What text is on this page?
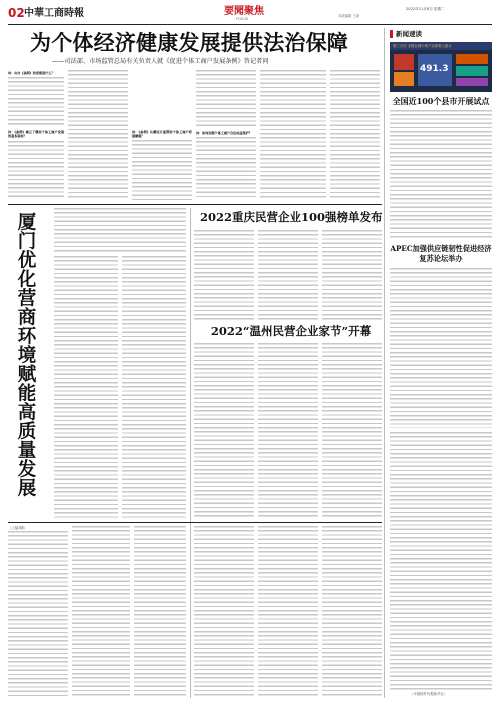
02 中華工商時報	要聞聚焦
FOCUS
2022年11月8日 星期二
本版编辑 王新
为个体经济健康发展提供法治保障
——司法部、市场监管总局有关负责人就《促进个体工商户发展条例》答记者问
问：出台《条例》的背景是什么？
问：《条例》确立了哪些个体工商户发展的基本原则？
问：《条例》从哪些方面帮助个体工商户纾困解难？
问：如何加强个体工商户合法权益保护？
新闻速读
第三方评 全国百城个体户实体收入统计
491.3
全国近100个县市开展试点
APEC加强供应链韧性促进经济复苏论坛举办
厦门优化营商环境赋能高质量发展	2022重庆民营企业100强榜单发布
2022“温州民营企业家节”开幕
（上接1版）
（本版稿件均据新华社）
